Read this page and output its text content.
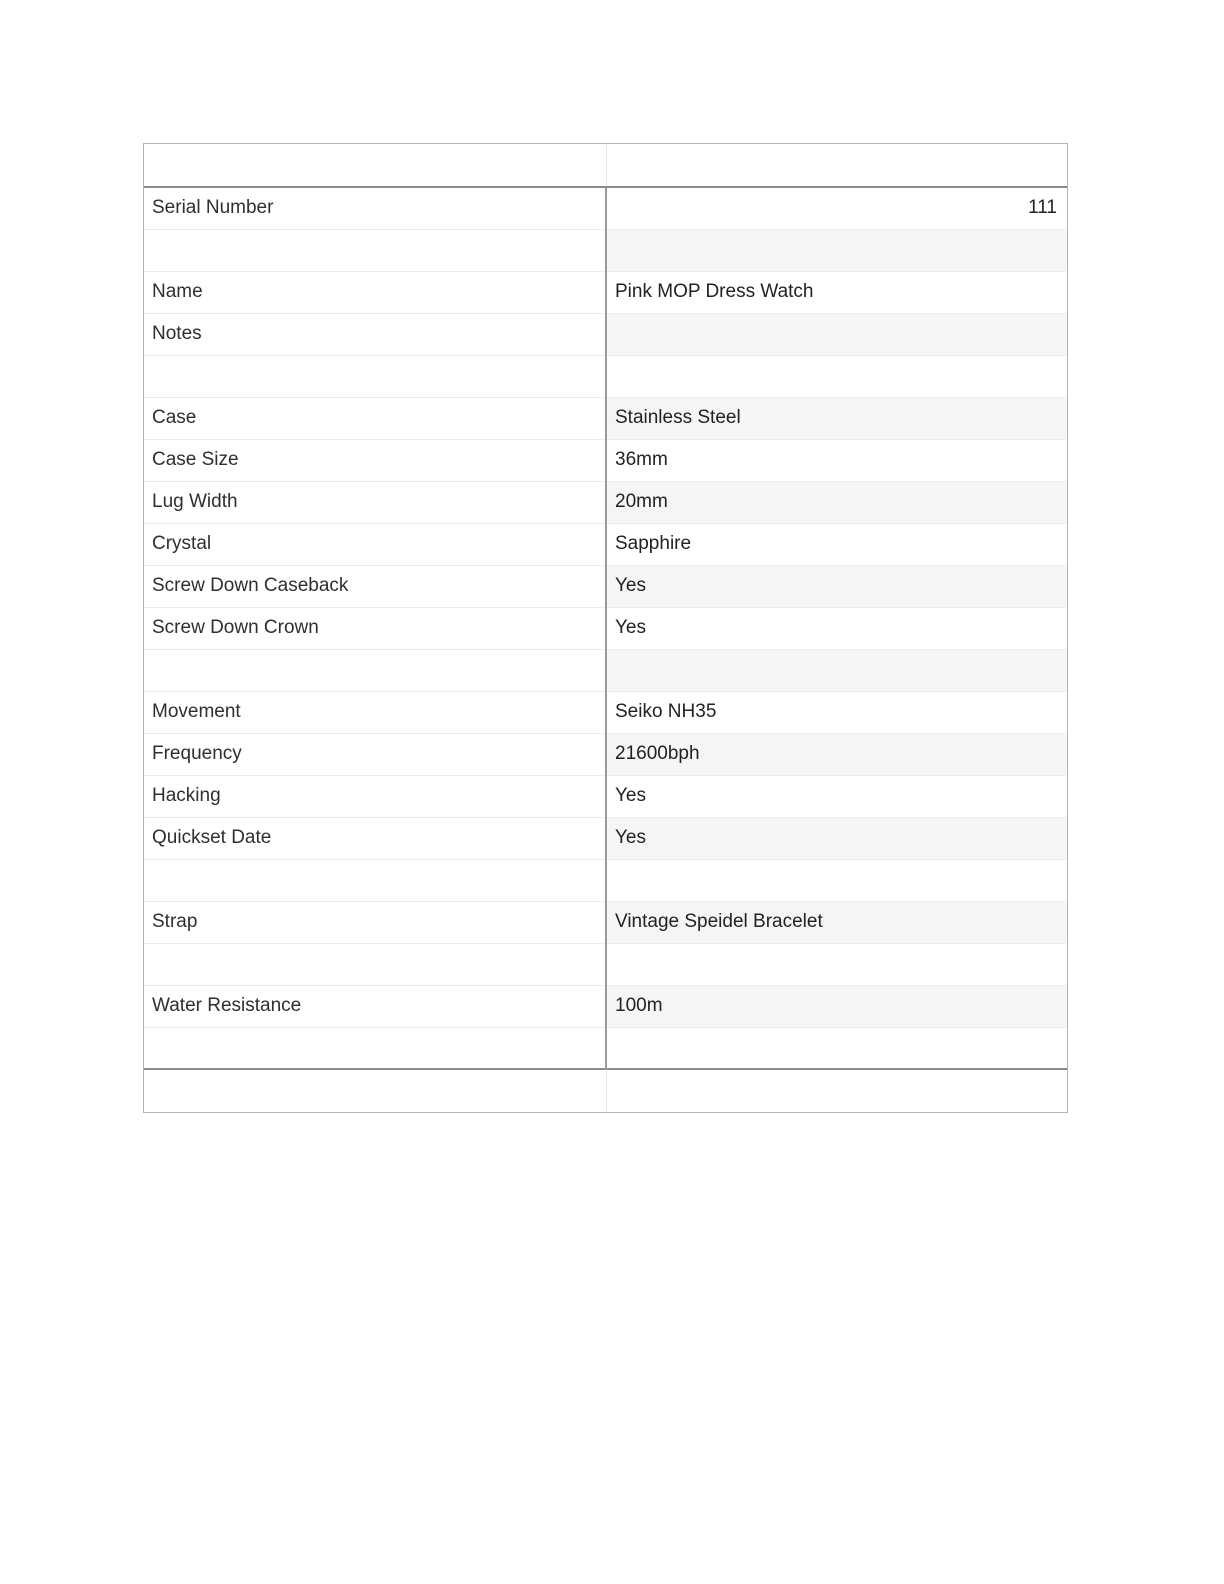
Serial Number	111

Name	Pink MOP Dress Watch
Notes	

Case	Stainless Steel
Case Size	36mm
Lug Width	20mm
Crystal	Sapphire
Screw Down Caseback	Yes
Screw Down Crown	Yes

Movement	Seiko NH35
Frequency	21600bph
Hacking	Yes
Quickset Date	Yes

Strap	Vintage Speidel Bracelet

Water Resistance	100m
